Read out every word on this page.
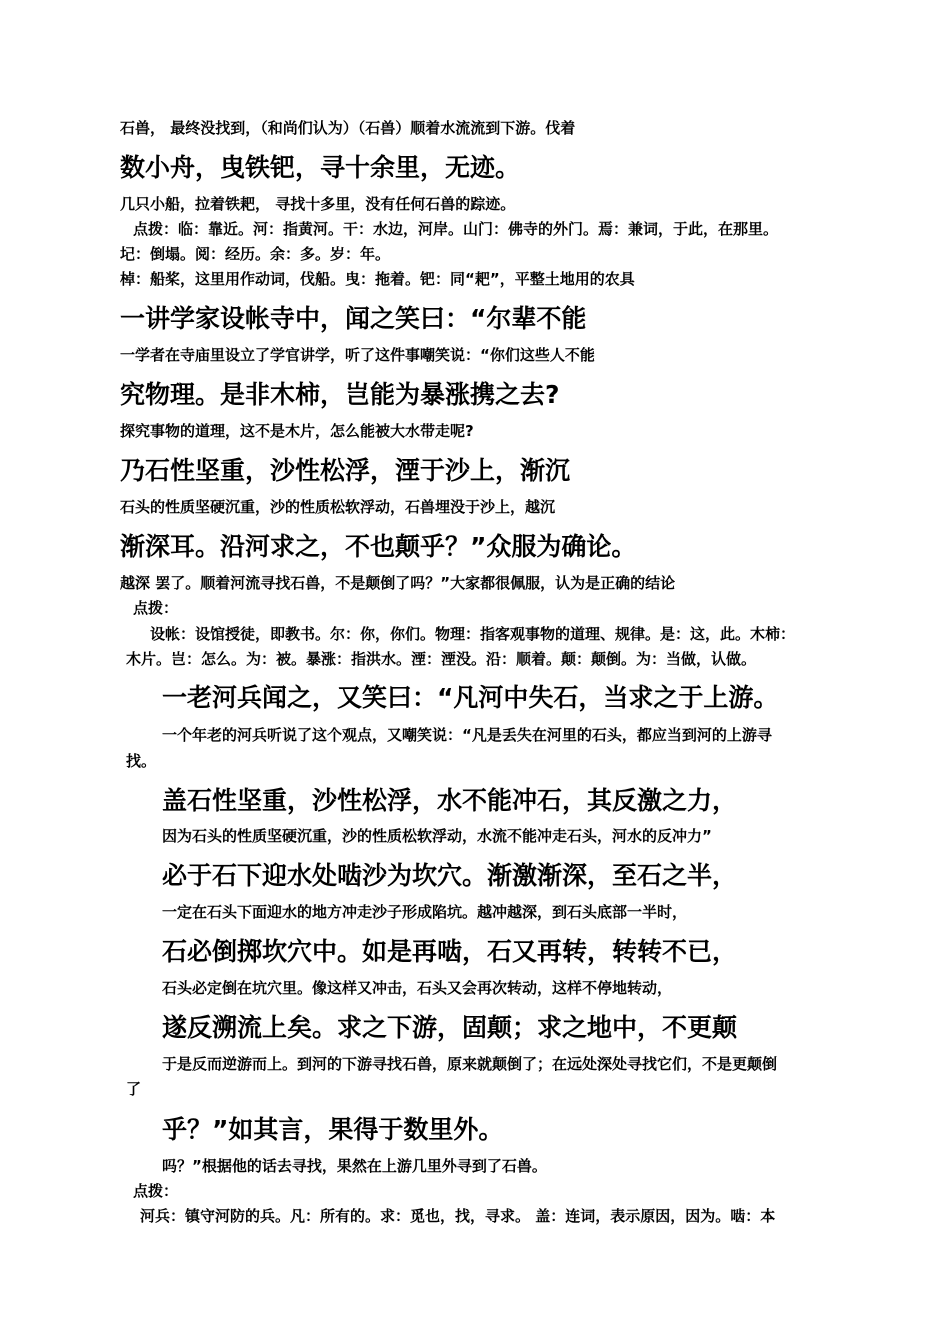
石兽， 最终没找到，（和尚们认为）（石兽）顺着水流流到下游。伐着
数小舟，曳铁钯，寻十余里，无迹。
几只小船，拉着铁耙， 寻找十多里，没有任何石兽的踪迹。
点拨：临：靠近。河：指黄河。干：水边，河岸。山门：佛寺的外门。焉：兼词，于此，在那里。
圮：倒塌。阅：经历。余：多。岁：年。
棹：船桨，这里用作动词，伐船。曳：拖着。钯：同“耙”，平整土地用的农具
一讲学家设帐寺中，闻之笑曰：“尔辈不能
一学者在寺庙里设立了学官讲学，听了这件事嘲笑说：“你们这些人不能
究物理。是非木柿，岂能为暴涨携之去?
探究事物的道理，这不是木片，怎么能被大水带走呢?
乃石性坚重，沙性松浮，湮于沙上，渐沉
石头的性质坚硬沉重，沙的性质松软浮动，石兽埋没于沙上，越沉
渐深耳。沿河求之，不也颠乎？”众服为确论。
越深 罢了。顺着河流寻找石兽，不是颠倒了吗？”大家都很佩服，认为是正确的结论
点拨：
设帐：设馆授徒，即教书。尔：你，你们。物理：指客观事物的道理、规律。是：这，此。木柿：
木片。岂：怎么。为：被。暴涨：指洪水。湮：湮没。沿：顺着。颠：颠倒。为：当做，认做。
一老河兵闻之，又笑曰：“凡河中失石，当求之于上游。
一个年老的河兵听说了这个观点，又嘲笑说：“凡是丢失在河里的石头，都应当到河的上游寻
找。
盖石性坚重，沙性松浮，水不能冲石，其反激之力，
因为石头的性质坚硬沉重，沙的性质松软浮动，水流不能冲走石头，河水的反冲力”
必于石下迎水处啮沙为坎穴。渐激渐深，至石之半，
一定在石头下面迎水的地方冲走沙子形成陷坑。越冲越深，到石头底部一半时，
石必倒掷坎穴中。如是再啮，石又再转，转转不已，
石头必定倒在坑穴里。像这样又冲击，石头又会再次转动，这样不停地转动，
遂反溯流上矣。求之下游，固颠；求之地中，不更颠
于是反而逆游而上。到河的下游寻找石兽，原来就颠倒了；在远处深处寻找它们，不是更颠倒
了
乎？”如其言，果得于数里外。
吗？”根据他的话去寻找，果然在上游几里外寻到了石兽。
点拨：
河兵：镇守河防的兵。凡：所有的。求：觅也，找，寻求。 盖：连词，表示原因，因为。啮：本
